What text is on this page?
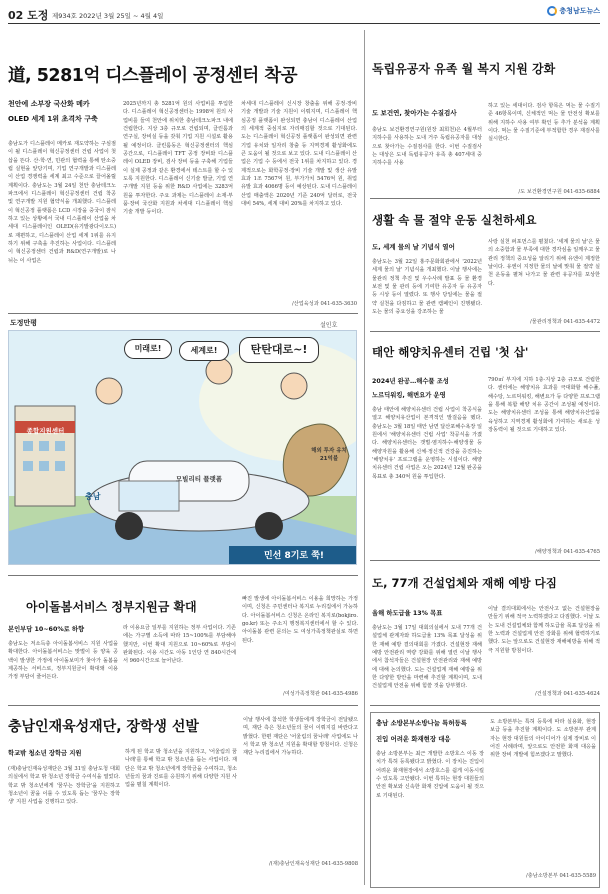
02 도정 제934호 2022년 3월 25일 ~ 4월 4일
충청남도뉴스
道, 5281억 디스플레이 공정센터 착공
천안에 소부장 국산화 메카
OLED 세계 1위 초격차 구축
충남도가 디스플레이 메카로 재도약하는 구심점이 될 디스플레이 혁신공정센터 건립 사업이 첫 삽을 뜬다. 산·학·연, 민관의 협력을 통해 탄소중립 실현을 앞당기며, 기업 연구개발과 디스플레이 산업 경쟁력을 세계 최고 수준으로 끌어올릴 계획이다. 충남도는 3월 24일 천안 충남테크노파크에서 디스플레이 혁신공정센터 건립 착공 및 연구개발 지원 협약식을 개최했다. 디스플레이 혁신공정 플랫폼은 LCD 시장을 중국이 잠식하고 있는 상황에서 국내 디스플레이 산업을 차세대 디스플레이인 OLED(유기발광다이오드)로 재편하고, 디스플레이 산업 세계 1위를 유지하기 위해 구축을 추진하는 사업이다. 디스플레이 혁신공정센터 건립과 R&D(연구개발)로 나뉘는 이 사업은
2025년까지 총 5281억 원의 사업비를 투입한다. 디스플레이 혁신공정센터는 1998억 원의 사업비를 들여 천안에 위치한 충남테크노파크 내에 건립한다. 지상 3층 규모로 건립되며, 클린룸과 연구실, 장비실 등을 갖춰 기업 지원 시설로 활용될 예정이다. 클린룸동은 혁신공정센터의 핵심 공간으로, 디스플레이 TFT 공정 장비와 디스플레이 OLED 장비, 검사 장비 등을 구축해 기업들이 실제 공정과 같은 환경에서 테스트를 할 수 있도록 지원한다. 디스플레이 신기술 발굴, 기업 연구개발 지원 등을 위한 R&D 사업에는 3283억 원을 투자한다. 주요 과제는 디스플레이 소재·부품·장비 국산화 지원과 차세대 디스플레이 핵심 기술 개발 등이다.
차세대 디스플레이 신시장 창출을 위해 공정·장비 기술 개발과 기술 지원이 이뤄지며, 디스플레이 핵심공정 플랫폼이 완성되면 충남이 디스플레이 산업의 세계적 중심지로 자리매김할 것으로 기대된다. 도는 디스플레이 혁신공정 플랫폼이 완성되면 관련 기업 유치와 일자리 창출 등 지역경제 활성화에도 큰 도움이 될 것으로 보고 있다. 도내 디스플레이 산업은 기업 수 등에서 전국 1위를 차지하고 있다. 경제적으로는 화학공정·장비 기술 개발 및 생산 유발 효과 1조 7567억 원, 부가가치 5476억 원, 취업 유발 효과 4066명 등이 예상된다. 도내 디스플레이 산업 매출액은 2020년 기준 240억 달러로, 전국 대비 54%, 세계 대비 20%를 차지하고 있다.
/산업육성과 041-635-3630
도정만평	설인호
미래로!	세계로!	탄탄대로~!
종합지원센터
모빌리티 플랫폼
충남
해외 투자 유치 21억불
민선 8기로 쭉!
아이돌봄서비스 정부지원금 확대
본인부담 10~60%로 하향
충남도는 저소득층 아이돌봄서비스 지원 사업을 확대한다. 아이돌봄서비스는 맞벌이 등 양육 공백이 발생한 가정에 아이돌보미가 찾아가 돌봄을 제공하는 서비스로, 정부지원금이 확대돼 이용 가정 부담이 줄어든다.
라 이용요금 일부를 지원하는 정부 사업이다. 기존에는 가구별 소득에 따라 15~100%를 부담해야 했지만, 이번 확대 지원으로 10~60%로 부담이 완화된다. 이용 시간도 아동 1인당 연 840시간에서 960시간으로 늘어난다.
빠진 발생에 아이돌봄서비스 이용을 희망하는 가정이며, 신청은 주민센터나 복지로 누리집에서 가능하다. 아이돌봄서비스 신청은 온라인 복지로(bokjiro.go.kr) 또는 주소지 행정복지센터에서 할 수 있다. 아이돌봄 관련 문의는 도 여성가족정책관실로 하면 된다.
/여성가족정책관 041-635-4986
충남인재육성재단, 장학생 선발
학교밖 청소년 장학금 지원
(재)충남인재육성재단은 3월 31일 충남도청 대회의실에서 학교 밖 청소년 장학금 수여식을 열었다. 학교 밖 청소년에게 '꿈꾸는 장학금'을 지원하고 청소년이 꿈을 이룰 수 있도록 돕는 '꿈꾸는 장학생' 지원 사업을 진행하고 있다.
하게 된 학교 밖 청소년을 지원하고, '어울림의 꿈나래'를 통해 학교 밖 청소년을 돕는 사업이다. 재단은 학교 밖 청소년에게 장학금을 수여하고, 청소년들의 꿈과 진로를 응원하기 위해 다양한 지원 사업을 펼칠 계획이다.
이날 행사에 참석한 학생들에게 장학금이 전달됐으며, 재단 측은 청소년들의 꿈이 이뤄지길 바란다고 밝혔다. 한편 재단은 '어울림의 꿈나래' 사업에도 나서 학교 밖 청소년 지원을 확대할 방침이다. 신청은 재단 누리집에서 가능하다.
/(재)충남인재육성재단 041-635-9808
독립유공자 유족 월 복지 지원 강화
도 보건연, 찾아가는 수질검사
충남도 보건환경연구원(원장 최희천)은 4월부터 지하수를 사용하는 도내 거주 독립유공자를 대상으로 찾아가는 수질검사를 한다. 이번 수질검사는 대상은 도내 독립유공자 유족 총 407세대 중 지하수를 사용
하고 있는 세대이다. 검사 항목은 먹는 물 수질기준 46항목이며, 신체적인 먹는 물 안전성 확보를 위해 지하수 사용 여부 확인 등 추가 분석을 계획이다. 먹는 물 수질기준에 부적합한 경우 재검사를 실시한다.
/도 보건환경연구원 041-635-6884
생활 속 물 절약 운동 실천하세요
도, 세계 물의 날 기념식 열어
충남도는 3월 22일 홍주문화회관에서 '2022년 세계 물의 날' 기념식을 개최했다. 이날 행사에는 물관리 정책 추진 및 우수사례 발표 등 물 환경 보전 및 물 관리 등에 기여한 유공자 등 유공자 등 시상 등이 열렸다. 또 행사 당일에는 물을 절약 실천을 다짐하고 물 관련 캠페인이 진행됐다. 도는 물의 중요성을 강조하는 물
사랑 실천 퍼포먼스를 펼쳤다. '세계 물의 날'은 물의 소중함과 물 부족에 대한 경각심을 일깨우고 물 관리 정책의 중요성을 알리기 위해 유엔이 제정한 날이다. 유엔이 지정한 물의 날에 맞춰 물 절약 실천 운동을 펼쳐 나가고 물 관련 유공자를 포상한다.
/물관리정책과 041-635-4472
태안 해양치유센터 건립 '첫 삽'
2024년 완공…해수풀 조성
노르딕워킹, 해변요가 운영
충남 태안에 해양치유센터 건립 사업이 착공식을 열고 해양치유산업이 본격적인 발걸음을 뗐다. 충남도는 3월 18일 태안 남면 달산포해수욕장 일원에서 '해양치유센터 건립 사업' 착공식을 가졌다. 해양치유센터는 갯벌·염지하수·해양생물 등 해양자원을 활용해 신체·정신적 건강을 증진하는 '해양치유' 프로그램을 운영하는 시설이다. 해양치유센터 건립 사업은 오는 2024년 12월 완공을 목표로 총 340억 원을 투입한다.
790㎡ 부지에 지하 1층·지상 2층 규모로 건립한다. 센터에는 해양치유 효과를 극대화할 해수풀, 해수탕, 노르딕워킹, 해변요가 등 다양한 프로그램을 통해 복합 해양 치유 공간이 조성될 예정이다. 도는 해양치유센터 조성을 통해 해양치유산업을 육성하고 지역경제 활성화에 기여하는 새로운 성장동력이 될 것으로 기대하고 있다.
/해양정책과 041-635-4765
도, 77개 건설업체와 재해 예방 다짐
올해 하도급율 13% 목표
충남도는 3월 17일 대회의실에서 도내 77개 건설업체 관계자와 하도급율 13% 목표 달성을 위한 재해 예방 결의대회를 가졌다. 건설현장 재해예방 안전관리 역량 강화를 위해 열린 이날 행사에서 참석자들은 건설현장 안전관리와 재해 예방에 대해 논의했다. 도는 건설업계 재해 예방을 위한 다양한 방안을 마련해 추진할 계획이며, 도내 건설업계 안전을 위해 힘쓸 것을 당부했다.
이날 결의대회에서는 안전사고 없는 건설현장을 만들기 위해 적극 노력하겠다고 다짐했다. 이날 도는 도내 건설업체와 함께 하도급율 목표 달성을 위한 노력과 건설업계 안전 강화를 위해 협력하기로 했다. 도는 앞으로도 건설현장 재해예방을 위해 적극 지원할 방침이다.
/건설정책과 041-635-4624
충남 소방본부소방나눔 특허등록
진입 어려운 화재현장 대응
충남 소방본부는 최근 개발한 소방호스 이동 장치가 특허 등록됐다고 밝혔다. 이 장치는 진입이 어려운 화재현장에서 소방호스를 쉽게 이동시킬 수 있도록 고안됐다. 이번 특허는 현장 대원들의 안전 확보와 신속한 화재 진압에 도움이 될 것으로 기대된다.
도 소방본부는 특허 등록에 따라 실용화, 현장 보급 등을 추진할 계획이다. 도 소방본부 관계자는 현장 대원들의 아이디어가 실제 장비로 이어진 사례라며, 앞으로도 안전한 화재 대응을 위한 장비 개발에 힘쓰겠다고 말했다.
/충남소방본부 041-635-5589
